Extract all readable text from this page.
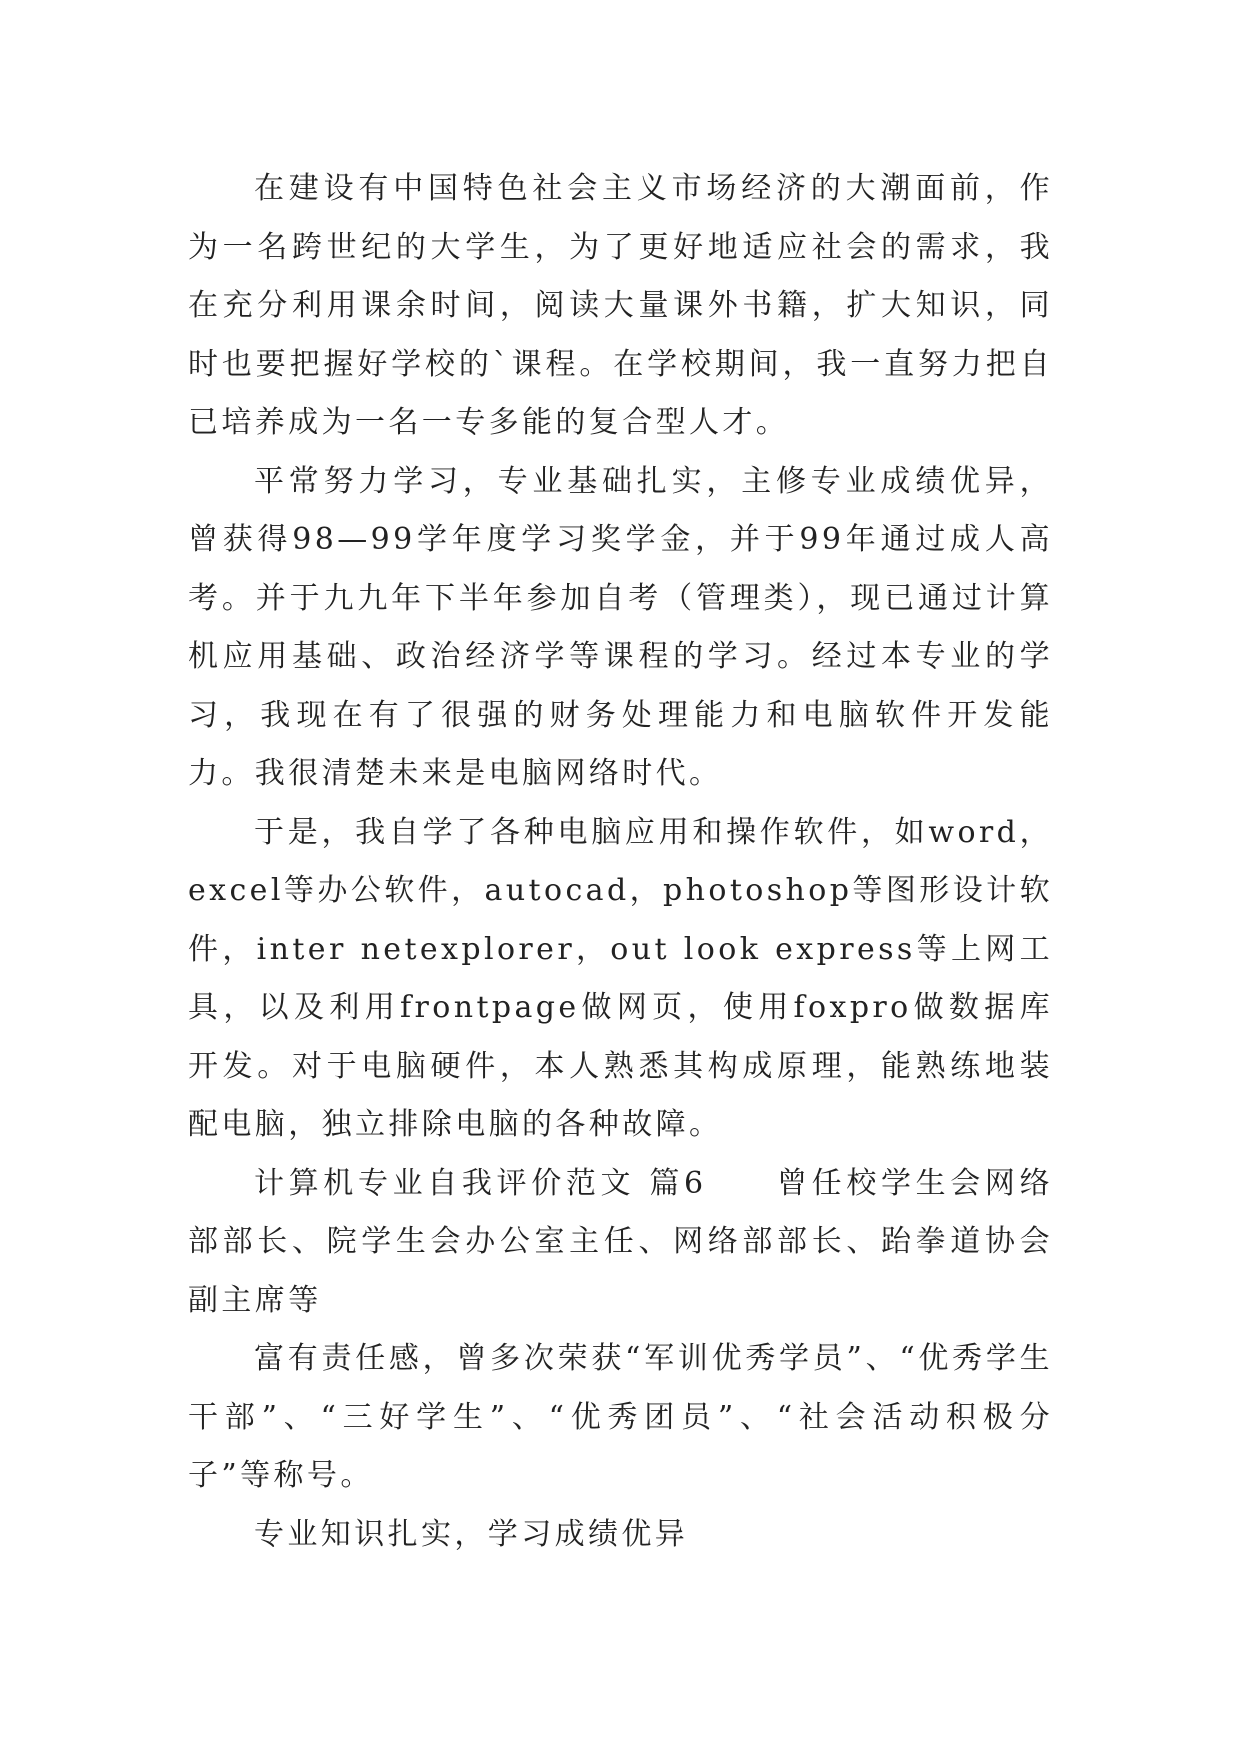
在建设有中国特色社会主义市场经济的大潮面前，作为一名跨世纪的大学生，为了更好地适应社会的需求，我在充分利用课余时间，阅读大量课外书籍，扩大知识，同时也要把握好学校的`课程。在学校期间，我一直努力把自已培养成为一名一专多能的复合型人才。

平常努力学习，专业基础扎实，主修专业成绩优异，曾获得98—99学年度学习奖学金，并于99年通过成人高考。并于九九年下半年参加自考（管理类），现已通过计算机应用基础、政治经济学等课程的学习。经过本专业的学习，我现在有了很强的财务处理能力和电脑软件开发能力。我很清楚未来是电脑网络时代。

于是，我自学了各种电脑应用和操作软件，如word，excel等办公软件，autocad，photoshop等图形设计软件，inter netexplorer，out look express等上网工具，以及利用frontpage做网页，使用foxpro做数据库开发。对于电脑硬件，本人熟悉其构成原理，能熟练地装配电脑，独立排除电脑的各种故障。

计算机专业自我评价范文 篇6　　曾任校学生会网络部部长、院学生会办公室主任、网络部部长、跆拳道协会副主席等

富有责任感，曾多次荣获“军训优秀学员”、“优秀学生干部”、“三好学生”、“优秀团员”、“社会活动积极分子”等称号。

专业知识扎实，学习成绩优异
